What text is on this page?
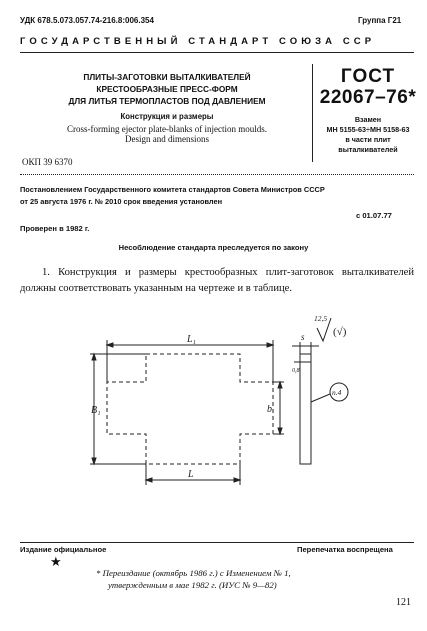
УДК 678.5.073.057.74-216.8:006.354	Группа Г21
ГОСУДАРСТВЕННЫЙ СТАНДАРТ СОЮЗА ССР
ПЛИТЫ-ЗАГОТОВКИ ВЫТАЛКИВАТЕЛЕЙ
КРЕСТООБРАЗНЫЕ ПРЕСС-ФОРМ
ДЛЯ ЛИТЬЯ ТЕРМОПЛАСТОВ ПОД ДАВЛЕНИЕМ
Конструкция и размеры
Cross-forming ejector plate-blanks of injection moulds.
Design and dimensions
ОКП 39 6370
ГОСТ
22067–76*
Взамен
МН 5155-63÷МН 5158-63
в части плит
выталкивателей
Постановлением Государственного комитета стандартов Совета Министров СССР
от 25 августа 1976 г. № 2010 срок введения установлен
с 01.07.77
Проверен в 1982 г.
Несоблюдение стандарта преследуется по закону
1. Конструкция и размеры крестообразных плит-заготовок выталкивателей должны соответствовать указанным на чертеже и в таблице.
12,5
(√)
L₁
B₁	b
L
s
0,8
n.4
Издание официальное	Перепечатка воспрещена
★
* Переиздание (октябрь 1986 г.) с Изменением № 1,
утвержденным в мае 1982 г. (ИУС № 9—82)
121
